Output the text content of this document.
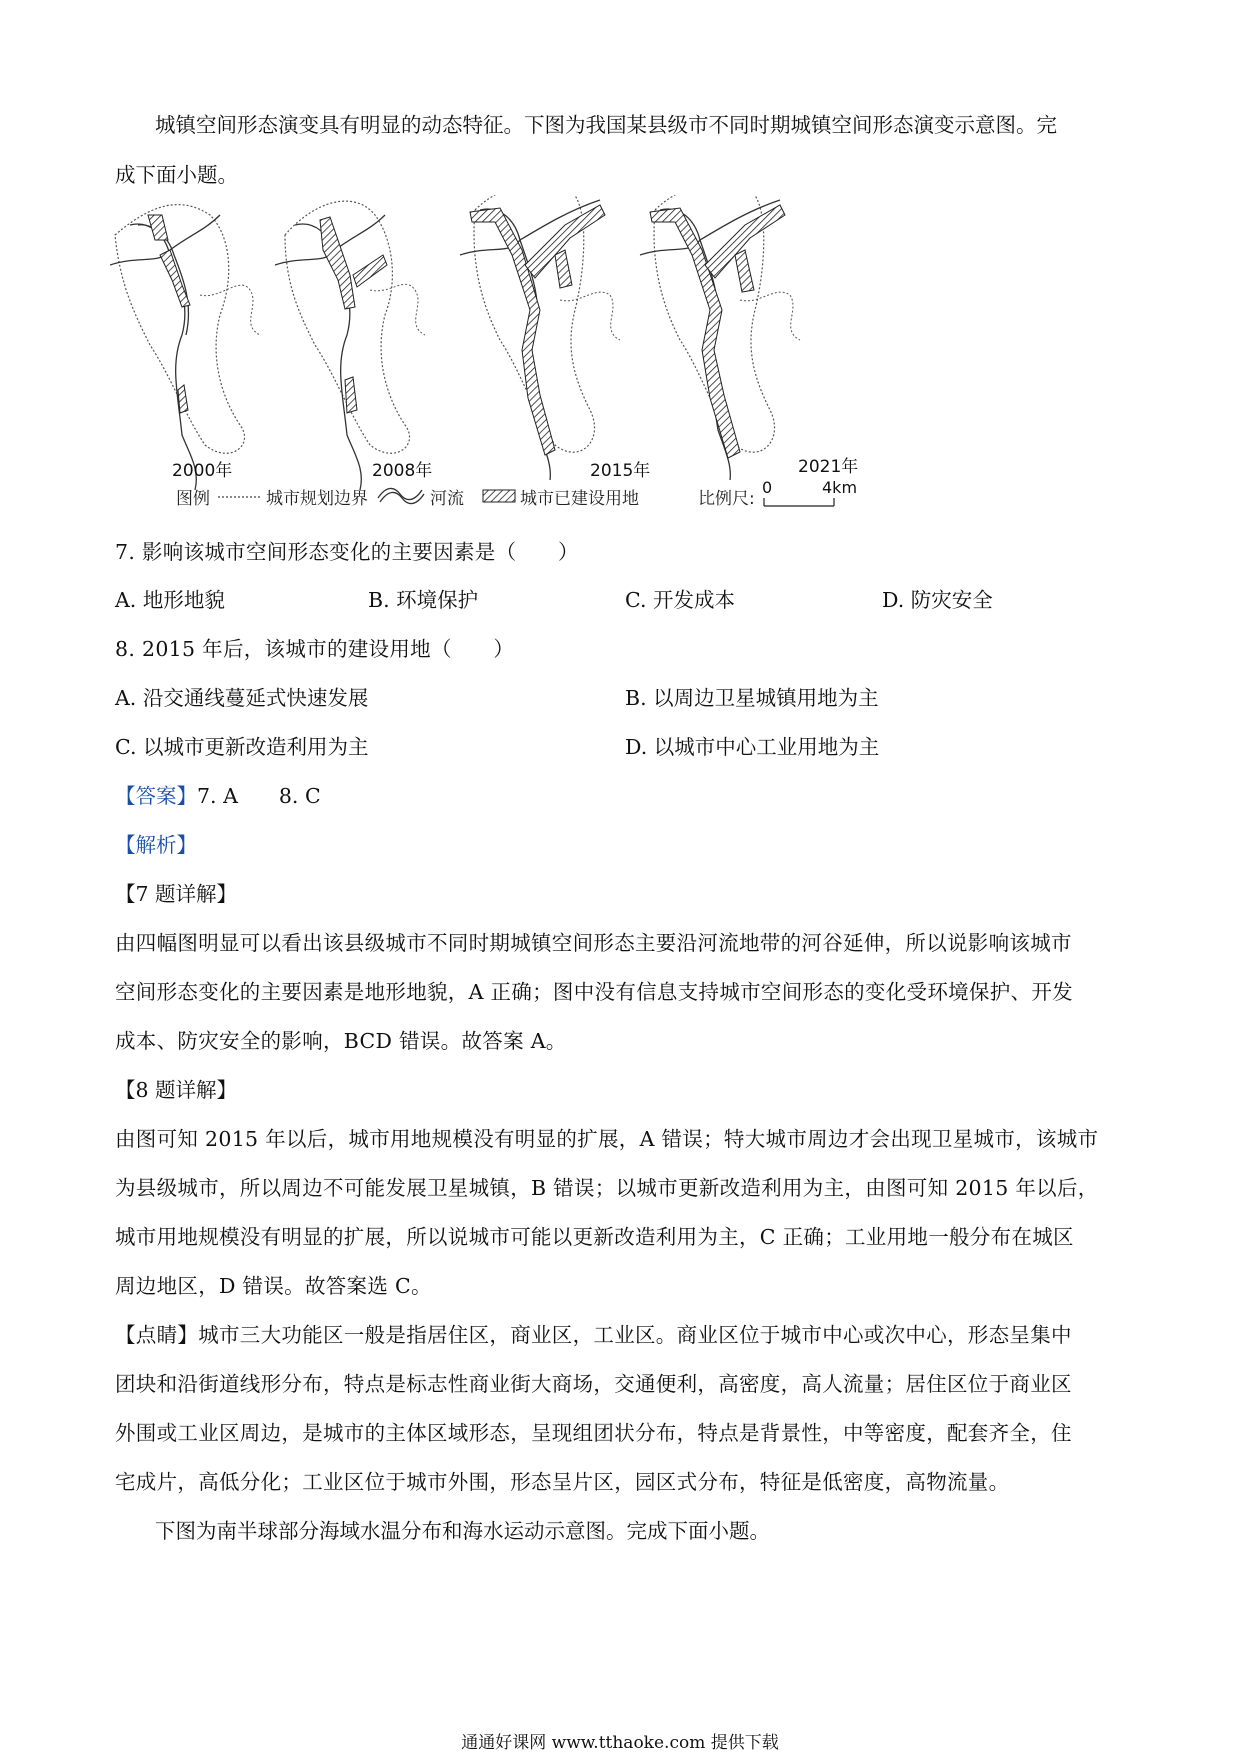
城镇空间形态演变具有明显的动态特征。下图为我国某县级市不同时期城镇空间形态演变示意图。完
成下面小题。
2000年	2008年	2015年	2021年
图例	城市规划边界	河流	城市已建设用地	比例尺:
0	4km
7. 影响该城市空间形态变化的主要因素是（　　）
A. 地形地貌	B. 环境保护	C. 开发成本	D. 防灾安全
8. 2015 年后，该城市的建设用地（　　）
A. 沿交通线蔓延式快速发展	B. 以周边卫星城镇用地为主
C. 以城市更新改造利用为主	D. 以城市中心工业用地为主
【答案】7. A　　8. C
【解析】
【7 题详解】
由四幅图明显可以看出该县级城市不同时期城镇空间形态主要沿河流地带的河谷延伸，所以说影响该城市
空间形态变化的主要因素是地形地貌，A 正确；图中没有信息支持城市空间形态的变化受环境保护、开发
成本、防灾安全的影响，BCD 错误。故答案 A。
【8 题详解】
由图可知 2015 年以后，城市用地规模没有明显的扩展，A 错误；特大城市周边才会出现卫星城市，该城市
为县级城市，所以周边不可能发展卫星城镇，B 错误；以城市更新改造利用为主，由图可知 2015 年以后，
城市用地规模没有明显的扩展，所以说城市可能以更新改造利用为主，C 正确；工业用地一般分布在城区
周边地区，D 错误。故答案选 C。
【点睛】城市三大功能区一般是指居住区，商业区，工业区。商业区位于城市中心或次中心，形态呈集中
团块和沿街道线形分布，特点是标志性商业街大商场，交通便利，高密度，高人流量；居住区位于商业区
外围或工业区周边，是城市的主体区域形态，呈现组团状分布，特点是背景性，中等密度，配套齐全，住
宅成片，高低分化；工业区位于城市外围，形态呈片区，园区式分布，特征是低密度，高物流量。
下图为南半球部分海域水温分布和海水运动示意图。完成下面小题。
通通好课网 www.tthaoke.com 提供下载
